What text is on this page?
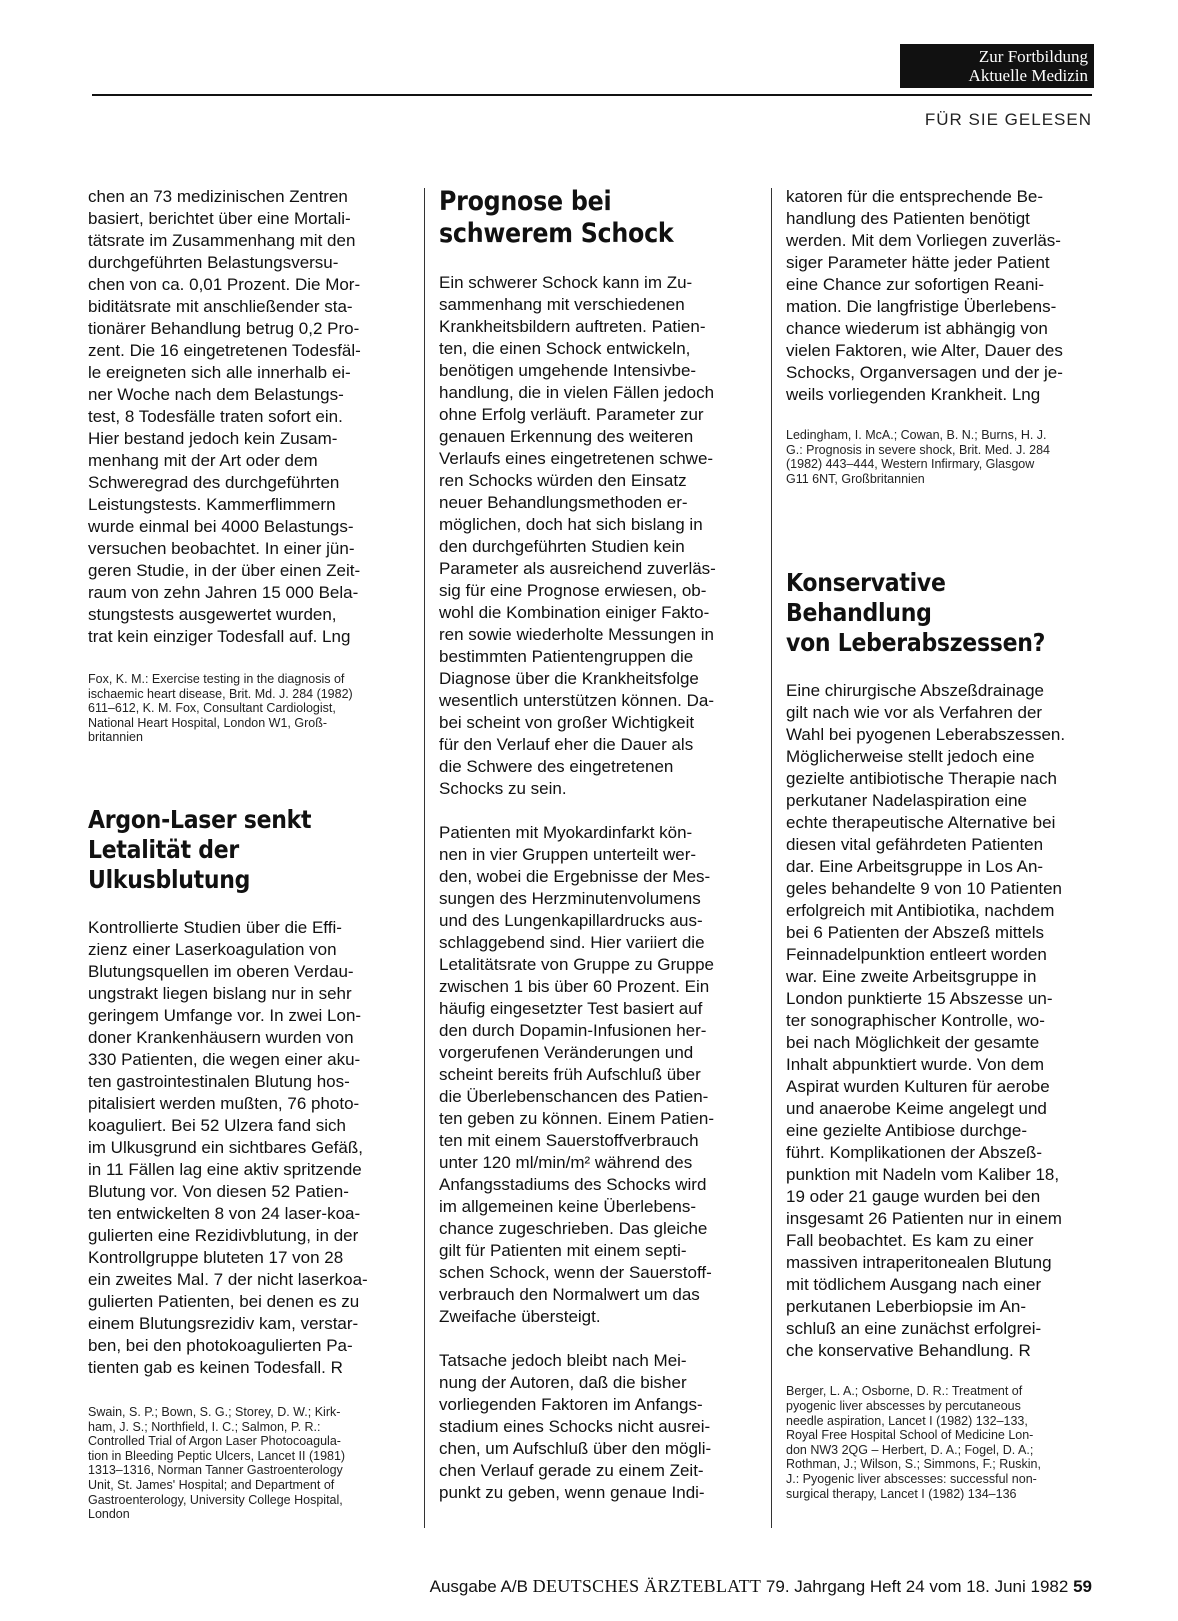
Zur Fortbildung
Aktuelle Medizin
FÜR SIE GELESEN

chen an 73 medizinischen Zentren
basiert, berichtet über eine Mortali-
tätsrate im Zusammenhang mit den
durchgeführten Belastungsversu-
chen von ca. 0,01 Prozent. Die Mor-
biditätsrate mit anschließender sta-
tionärer Behandlung betrug 0,2 Pro-
zent. Die 16 eingetretenen Todesfäl-
le ereigneten sich alle innerhalb ei-
ner Woche nach dem Belastungs-
test, 8 Todesfälle traten sofort ein.
Hier bestand jedoch kein Zusam-
menhang mit der Art oder dem
Schweregrad des durchgeführten
Leistungstests. Kammerflimmern
wurde einmal bei 4000 Belastungs-
versuchen beobachtet. In einer jün-
geren Studie, in der über einen Zeit-
raum von zehn Jahren 15 000 Bela-
stungstests ausgewertet wurden,
trat kein einziger Todesfall auf. Lng

Fox, K. M.: Exercise testing in the diagnosis of
ischaemic heart disease, Brit. Md. J. 284 (1982)
611–612, K. M. Fox, Consultant Cardiologist,
National Heart Hospital, London W1, Groß-
britannien

Argon-Laser senkt
Letalität der Ulkusblutung

Kontrollierte Studien über die Effi-
zienz einer Laserkoagulation von
Blutungsquellen im oberen Verdau-
ungstrakt liegen bislang nur in sehr
geringem Umfange vor. In zwei Lon-
doner Krankenhäusern wurden von
330 Patienten, die wegen einer aku-
ten gastrointestinalen Blutung hos-
pitalisiert werden mußten, 76 photo-
koaguliert. Bei 52 Ulzera fand sich
im Ulkusgrund ein sichtbares Gefäß,
in 11 Fällen lag eine aktiv spritzende
Blutung vor. Von diesen 52 Patien-
ten entwickelten 8 von 24 laser-koa-
gulierten eine Rezidivblutung, in der
Kontrollgruppe bluteten 17 von 28
ein zweites Mal. 7 der nicht laserkoa-
gulierten Patienten, bei denen es zu
einem Blutungsrezidiv kam, verstar-
ben, bei den photokoagulierten Pa-
tienten gab es keinen Todesfall. R

Swain, S. P.; Bown, S. G.; Storey, D. W.; Kirk-
ham, J. S.; Northfield, I. C.; Salmon, P. R.:
Controlled Trial of Argon Laser Photocoagula-
tion in Bleeding Peptic Ulcers, Lancet II (1981)
1313–1316, Norman Tanner Gastroenterology
Unit, St. James' Hospital; and Department of
Gastroenterology, University College Hospital,
London

Prognose bei
schwerem Schock

Ein schwerer Schock kann im Zu-
sammenhang mit verschiedenen
Krankheitsbildern auftreten. Patien-
ten, die einen Schock entwickeln,
benötigen umgehende Intensivbe-
handlung, die in vielen Fällen jedoch
ohne Erfolg verläuft. Parameter zur
genauen Erkennung des weiteren
Verlaufs eines eingetretenen schwe-
ren Schocks würden den Einsatz
neuer Behandlungsmethoden er-
möglichen, doch hat sich bislang in
den durchgeführten Studien kein
Parameter als ausreichend zuverläs-
sig für eine Prognose erwiesen, ob-
wohl die Kombination einiger Fakto-
ren sowie wiederholte Messungen in
bestimmten Patientengruppen die
Diagnose über die Krankheitsfolge
wesentlich unterstützen können. Da-
bei scheint von großer Wichtigkeit
für den Verlauf eher die Dauer als
die Schwere des eingetretenen
Schocks zu sein.

Patienten mit Myokardinfarkt kön-
nen in vier Gruppen unterteilt wer-
den, wobei die Ergebnisse der Mes-
sungen des Herzminutenvolumens
und des Lungenkapillardrucks aus-
schlaggebend sind. Hier variiert die
Letalitätsrate von Gruppe zu Gruppe
zwischen 1 bis über 60 Prozent. Ein
häufig eingesetzter Test basiert auf
den durch Dopamin-Infusionen her-
vorgerufenen Veränderungen und
scheint bereits früh Aufschluß über
die Überlebenschancen des Patien-
ten geben zu können. Einem Patien-
ten mit einem Sauerstoffverbrauch
unter 120 ml/min/m² während des
Anfangsstadiums des Schocks wird
im allgemeinen keine Überlebens-
chance zugeschrieben. Das gleiche
gilt für Patienten mit einem septi-
schen Schock, wenn der Sauerstoff-
verbrauch den Normalwert um das
Zweifache übersteigt.

Tatsache jedoch bleibt nach Mei-
nung der Autoren, daß die bisher
vorliegenden Faktoren im Anfangs-
stadium eines Schocks nicht ausrei-
chen, um Aufschluß über den mögli-
chen Verlauf gerade zu einem Zeit-
punkt zu geben, wenn genaue Indi-

katoren für die entsprechende Be-
handlung des Patienten benötigt
werden. Mit dem Vorliegen zuverläs-
siger Parameter hätte jeder Patient
eine Chance zur sofortigen Reani-
mation. Die langfristige Überlebens-
chance wiederum ist abhängig von
vielen Faktoren, wie Alter, Dauer des
Schocks, Organversagen und der je-
weils vorliegenden Krankheit. Lng

Ledingham, I. McA.; Cowan, B. N.; Burns, H. J.
G.: Prognosis in severe shock, Brit. Med. J. 284
(1982) 443–444, Western Infirmary, Glasgow
G11 6NT, Großbritannien

Konservative Behandlung
von Leberabszessen?

Eine chirurgische Abszeßdrainage
gilt nach wie vor als Verfahren der
Wahl bei pyogenen Leberabszessen.
Möglicherweise stellt jedoch eine
gezielte antibiotische Therapie nach
perkutaner Nadelaspiration eine
echte therapeutische Alternative bei
diesen vital gefährdeten Patienten
dar. Eine Arbeitsgruppe in Los An-
geles behandelte 9 von 10 Patienten
erfolgreich mit Antibiotika, nachdem
bei 6 Patienten der Abszeß mittels
Feinnadelpunktion entleert worden
war. Eine zweite Arbeitsgruppe in
London punktierte 15 Abszesse un-
ter sonographischer Kontrolle, wo-
bei nach Möglichkeit der gesamte
Inhalt abpunktiert wurde. Von dem
Aspirat wurden Kulturen für aerobe
und anaerobe Keime angelegt und
eine gezielte Antibiose durchge-
führt. Komplikationen der Abszeß-
punktion mit Nadeln vom Kaliber 18,
19 oder 21 gauge wurden bei den
insgesamt 26 Patienten nur in einem
Fall beobachtet. Es kam zu einer
massiven intraperitonealen Blutung
mit tödlichem Ausgang nach einer
perkutanen Leberbiopsie im An-
schluß an eine zunächst erfolgrei-
che konservative Behandlung. R

Berger, L. A.; Osborne, D. R.: Treatment of
pyogenic liver abscesses by percutaneous
needle aspiration, Lancet I (1982) 132–133,
Royal Free Hospital School of Medicine Lon-
don NW3 2QG – Herbert, D. A.; Fogel, D. A.;
Rothman, J.; Wilson, S.; Simmons, F.; Ruskin,
J.: Pyogenic liver abscesses: successful non-
surgical therapy, Lancet I (1982) 134–136

Ausgabe A/B DEUTSCHES ÄRZTEBLATT 79. Jahrgang Heft 24 vom 18. Juni 1982 59
